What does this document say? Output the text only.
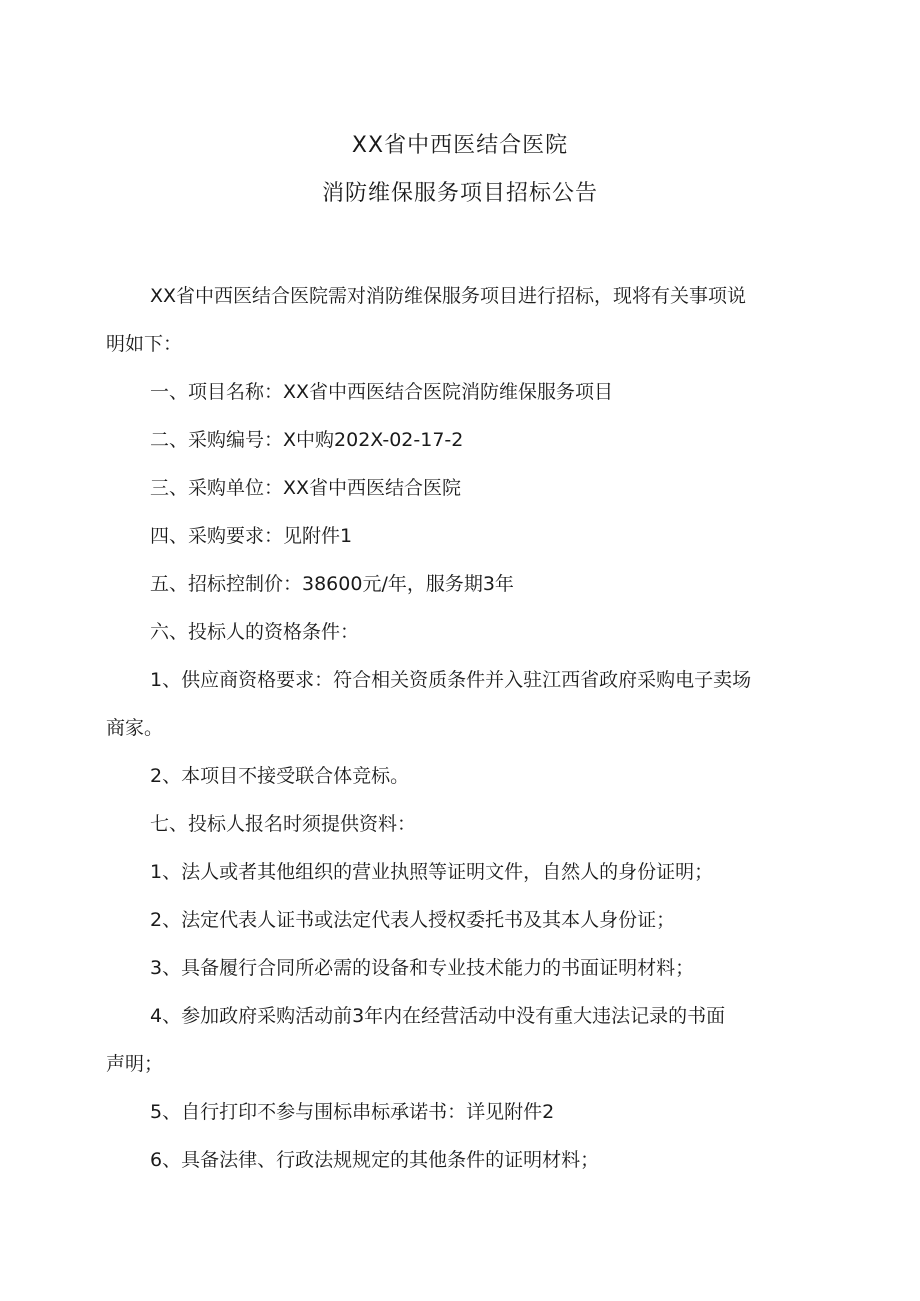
XX省中西医结合医院
消防维保服务项目招标公告
XX省中西医结合医院需对消防维保服务项目进行招标，现将有关事项说
明如下：
一、项目名称：XX省中西医结合医院消防维保服务项目
二、采购编号：X中购202X-02-17-2
三、采购单位：XX省中西医结合医院
四、采购要求：见附件1
五、招标控制价：38600元/年，服务期3年
六、投标人的资格条件：
1、供应商资格要求：符合相关资质条件并入驻江西省政府采购电子卖场
商家。
2、本项目不接受联合体竞标。
七、投标人报名时须提供资料：
1、法人或者其他组织的营业执照等证明文件，自然人的身份证明；
2、法定代表人证书或法定代表人授权委托书及其本人身份证；
3、具备履行合同所必需的设备和专业技术能力的书面证明材料；
4、参加政府采购活动前3年内在经营活动中没有重大违法记录的书面
声明；
5、自行打印不参与围标串标承诺书：详见附件2
6、具备法律、行政法规规定的其他条件的证明材料；
